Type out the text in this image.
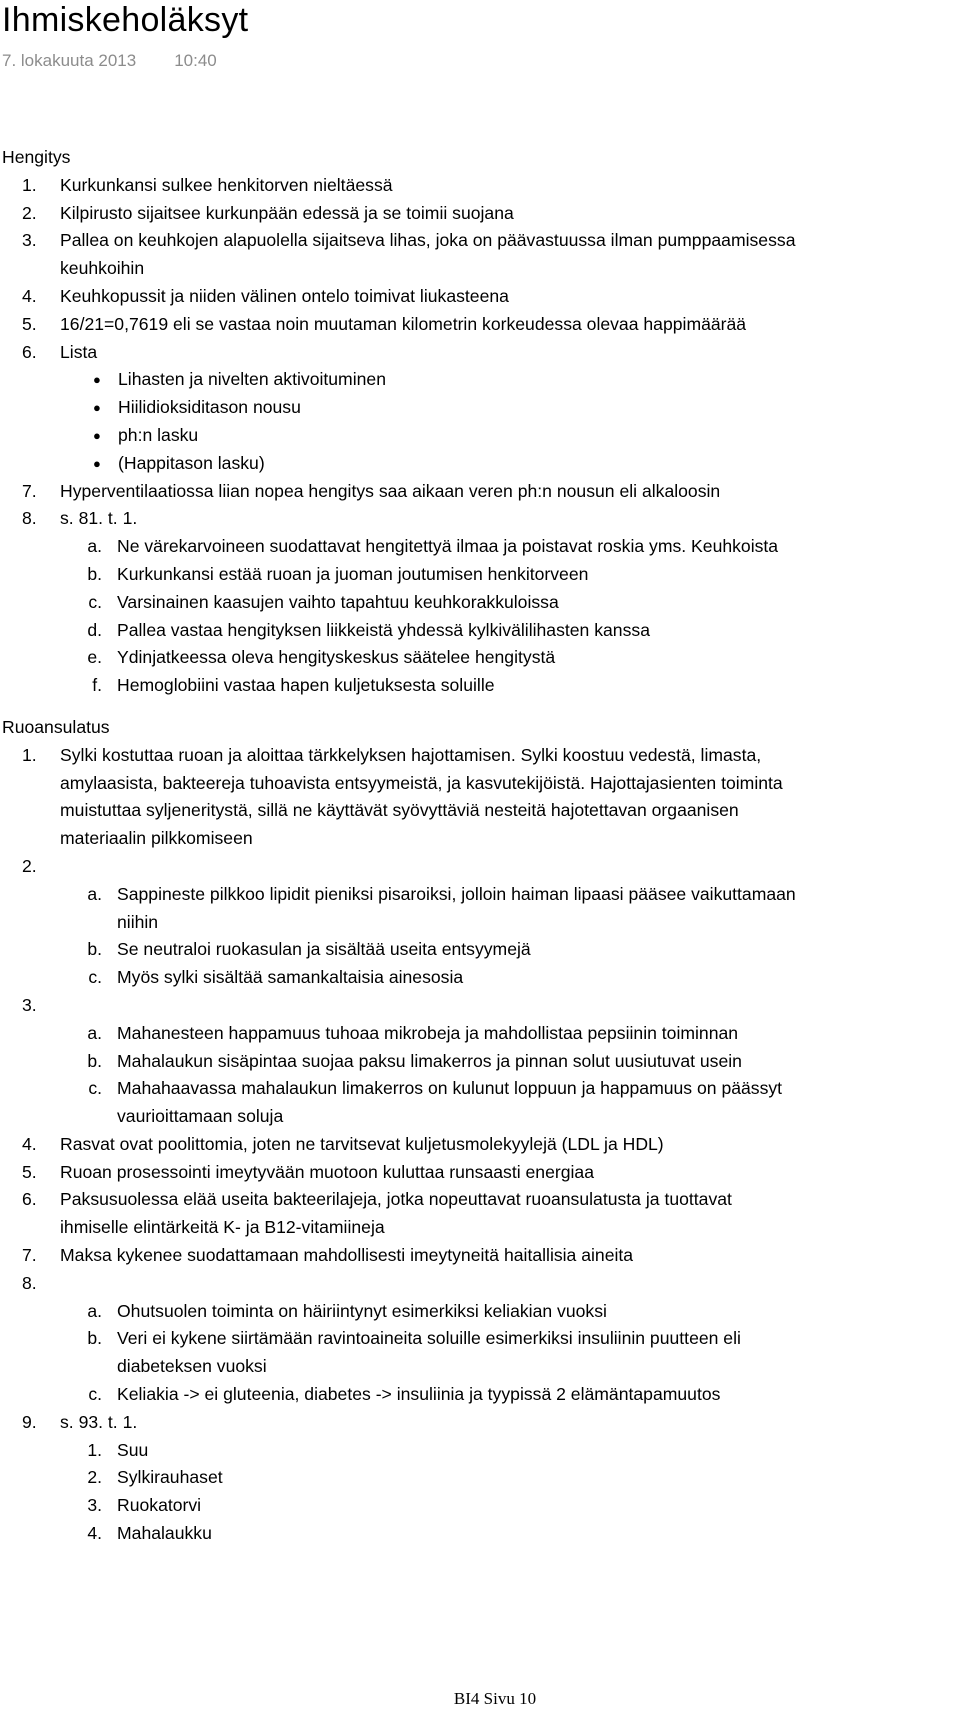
Ihmiskeholäksyt
7. lokakuuta 2013 10:40
Hengitys
1. Kurkunkansi sulkee henkitorven nieltäessä
2. Kilpirusto sijaitsee kurkunpään edessä ja se toimii suojana
3. Pallea on keuhkojen alapuolella sijaitseva lihas, joka on päävastuussa ilman pumppaamisessa
keuhkoihin
4. Keuhkopussit ja niiden välinen ontelo toimivat liukasteena
5. 16/21=0,7619 eli se vastaa noin muutaman kilometrin korkeudessa olevaa happimäärää
6. Lista
● Lihasten ja nivelten aktivoituminen
● Hiilidioksiditason nousu
● ph:n lasku
● (Happitason lasku)
7. Hyperventilaatiossa liian nopea hengitys saa aikaan veren ph:n nousun eli alkaloosin
8. s. 81. t. 1.
a. Ne värekarvoineen suodattavat hengitettyä ilmaa ja poistavat roskia yms. Keuhkoista
b. Kurkunkansi estää ruoan ja juoman joutumisen henkitorveen
c. Varsinainen kaasujen vaihto tapahtuu keuhkorakkuloissa
d. Pallea vastaa hengityksen liikkeistä yhdessä kylkivälilihasten kanssa
e. Ydinjatkeessa oleva hengityskeskus säätelee hengitystä
f. Hemoglobiini vastaa hapen kuljetuksesta soluille
Ruoansulatus
1. Sylki kostuttaa ruoan ja aloittaa tärkkelyksen hajottamisen. Sylki koostuu vedestä, limasta,
amylaasista, bakteereja tuhoavista entsyymeistä, ja kasvutekijöistä. Hajottajasienten toiminta
muistuttaa syljeneritystä, sillä ne käyttävät syövyttäviä nesteitä hajotettavan orgaanisen
materiaalin pilkkomiseen
2.
a. Sappineste pilkkoo lipidit pieniksi pisaroiksi, jolloin haiman lipaasi pääsee vaikuttamaan
niihin
b. Se neutraloi ruokasulan ja sisältää useita entsyymejä
c. Myös sylki sisältää samankaltaisia ainesosia
3.
a. Mahanesteen happamuus tuhoaa mikrobeja ja mahdollistaa pepsiinin toiminnan
b. Mahalaukun sisäpintaa suojaa paksu limakerros ja pinnan solut uusiutuvat usein
c. Mahahaavassa mahalaukun limakerros on kulunut loppuun ja happamuus on päässyt
vaurioittamaan soluja
4. Rasvat ovat poolittomia, joten ne tarvitsevat kuljetusmolekyylejä (LDL ja HDL)
5. Ruoan prosessointi imeytyvään muotoon kuluttaa runsaasti energiaa
6. Paksusuolessa elää useita bakteerilajeja, jotka nopeuttavat ruoansulatusta ja tuottavat
ihmiselle elintärkeitä K- ja B12-vitamiineja
7. Maksa kykenee suodattamaan mahdollisesti imeytyneitä haitallisia aineita
8.
a. Ohutsuolen toiminta on häiriintynyt esimerkiksi keliakian vuoksi
b. Veri ei kykene siirtämään ravintoaineita soluille esimerkiksi insuliinin puutteen eli
diabeteksen vuoksi
c. Keliakia -> ei gluteenia, diabetes -> insuliinia ja tyypissä 2 elämäntapamuutos
9. s. 93. t. 1.
1. Suu
2. Sylkirauhaset
3. Ruokatorvi
4. Mahalaukku
BI4 Sivu 10
